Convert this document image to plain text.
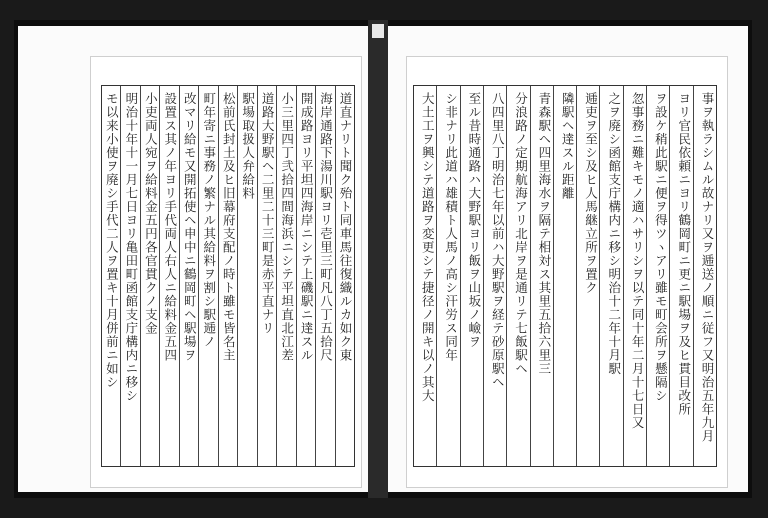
道直ナリト聞ク殆ト同車馬往復織ルカ如ク東
海岸通路下湯川駅ヨリ壱里三町凡八丁五拾尺
開成路ヨリ平坦四海岸ニシテ上磯駅ニ達スル
小三里四丁弐拾四間海浜ニシテ平坦直北江差
道路大野駅ヘ二里二十三町是赤平直ナリ
駅場取扱人弁給料
松前氏封土及ヒ旧幕府支配ノ時ト雖モ皆名主
町年寄ニ事務ノ繁ナル其給料ヲ割シ駅逓ノ
改マリ給モ又開拓使ヘ申中ニ鶴岡町ヘ駅場ヲ
設置ス其ノ年ヨリ手代両人右人ニ給料金五四
小吏両人宛ヲ給料金五円各官貫クノ支金
明治十年十一月七日ヨリ亀田町函館支庁構内ニ移シ
モ以来小使ヲ廃シ手代二人ヲ置キ十月併前ニ如シ	事ヲ執ラシムル故ナリ又ヲ逓送ノ順ニ従フ又明治五年九月
ヨリ官民依頼ニヨリ鶴岡町ニ更ニ駅場ヲ及ヒ貫目改所
ヲ設ケ稍此駅ニ便ヲ得ツヽアリ雖モ町会所ヲ懸隔シ
忽事務ニ難キモノ適ハサリシヲ以テ同十年二月十七日又
之ヲ廃シ函館支庁構内ニ移シ明治十二年十月駅
逓吏ヲ至シ及ヒ人馬継立所ヲ置ク
隣駅ヘ達スル距離
青森駅ヘ四里海水ヲ隔テ相対ス其里五拾六里三
分浪路ノ定期航海アリ北岸ヲ是通リテ七飯駅ヘ
八四里八丁明治七年以前ハ大野駅ヲ経テ砂原駅ヘ
至ル昔時通路ハ大野駅ヨリ飯ヲ山坂ノ嶮ヲ
シ非ナリ此道ハ雄積ト人馬ノ高シ汗労ス同年
大土工ヲ興シテ道路ヲ変更シテ捷径ノ開キ以ノ其大
